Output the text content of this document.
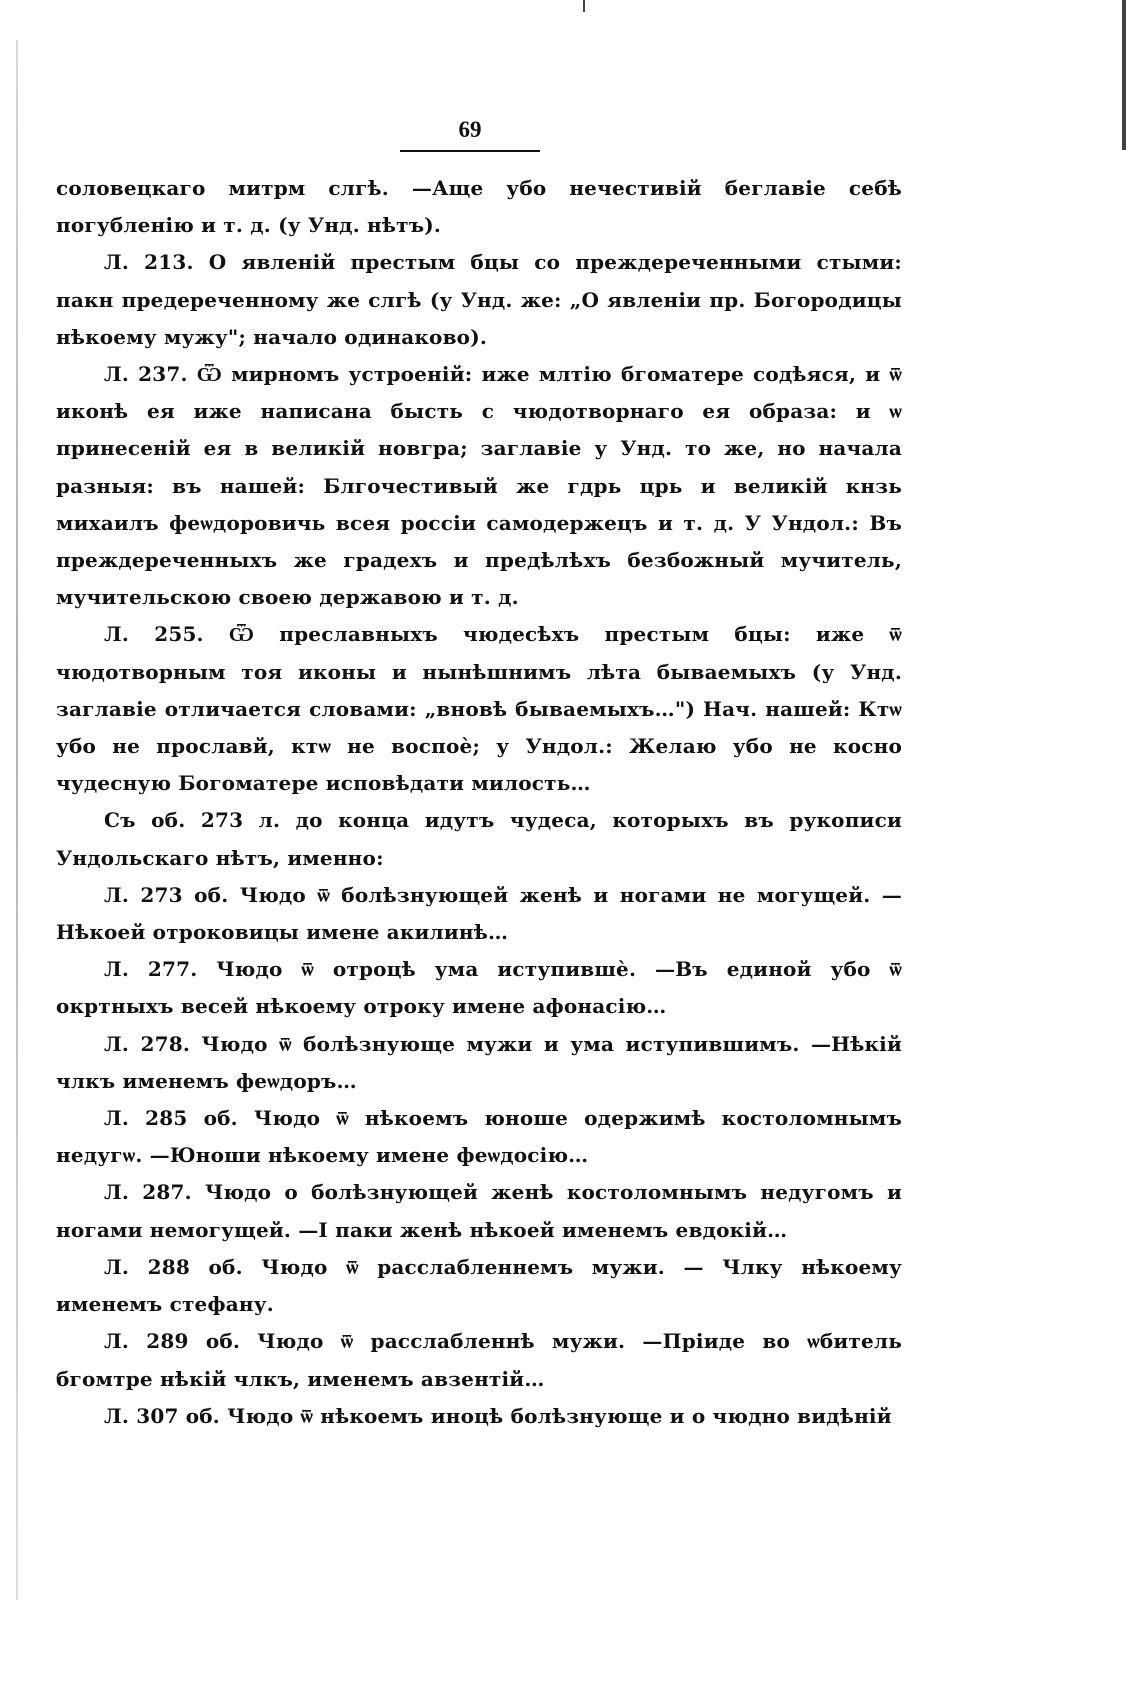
69

соловецкаго митрм слгѣ. —Аще убо нечестивій беглавіе себѣ погубленію и т. д. (у Унд. нѣтъ).

Л. 213. О явленій престым бцы со преждереченными стыми: пакн предереченному же слгѣ (у Унд. же: „О явленіи пр. Богородицы нѣкоему мужу"; начало одинаково).

Л. 237. Ѿ мирномъ устроеній: иже млтію бгоматере содѣяся, и ѿ иконѣ ея иже написана бысть с чюдотворнаго ея образа: и ѡ принесеній ея в великій новгра; заглавіе у Унд. то же, но начала разныя: въ нашей: Блгочестивый же гдрь црь и великій кнзь михаилъ феѡдоровичь всея россіи самодержецъ и т. д. У Ундол.: Въ преждереченныхъ же градехъ и предѣлѣхъ безбожный мучитель, мучительскою своею державою и т. д.

Л. 255. Ѿ преславныхъ чюдесѣхъ престым бцы: иже ѿ чюдотворным тоя иконы и нынѣшнимъ лѣта бываемыхъ (у Унд. заглавіе отличается словами: „вновѣ бываемыхъ…") Нач. нашей: Ктѡ убо не прославй, ктѡ не воспоѐ; у Ундол.: Желаю убо не косно чудесную Богоматере исповѣдати милость…

Съ об. 273 л. до конца идутъ чудеса, которыхъ въ рукописи Ундольскаго нѣтъ, именно:

Л. 273 об. Чюдо ѿ болѣзнующей женѣ и ногами не могущей. —Нѣкоей отроковицы имене акилинѣ…

Л. 277. Чюдо ѿ отроцѣ ума иступившѐ. —Въ единой убо ѿ окртныхъ весей нѣкоему отроку имене афонасію…

Л. 278. Чюдо ѿ болѣзнующе мужи и ума иступившимъ. —Нѣкій члкъ именемъ феѡдоръ…

Л. 285 об. Чюдо ѿ нѣкоемъ юноше одержимѣ костоломнымъ недугѡ. —Юноши нѣкоему имене феѡдосію…

Л. 287. Чюдо о болѣзнующей женѣ костоломнымъ недугомъ и ногами немогущей. —І паки женѣ нѣкоей именемъ евдокій…

Л. 288 об. Чюдо ѿ расслабленнемъ мужи. — Члку нѣкоему именемъ стефану.

Л. 289 об. Чюдо ѿ расслабленнѣ мужи. —Пріиде во ѡбитель бгомтре нѣкій члкъ, именемъ авзентій…

Л. 307 об. Чюдо ѿ нѣкоемъ иноцѣ болѣзнующе и о чюдно видѣній
